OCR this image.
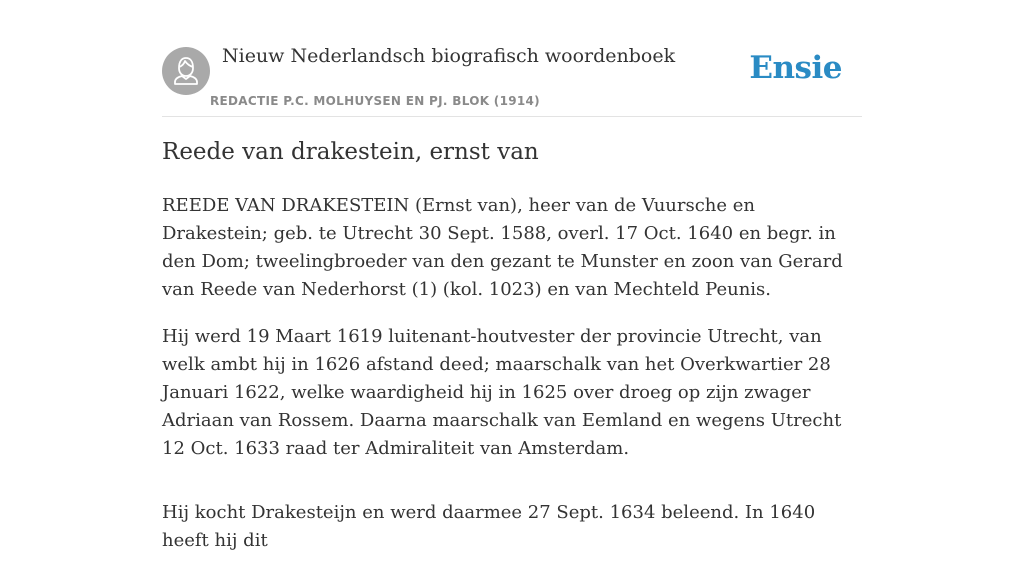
Nieuw Nederlandsch biografisch woordenboek
REDACTIE P.C. MOLHUYSEN EN PJ. BLOK (1914)
Ensie
Reede van drakestein, ernst van

REEDE VAN DRAKESTEIN (Ernst van), heer van de Vuursche en Drakestein; geb. te Utrecht 30 Sept. 1588, overl. 17 Oct. 1640 en begr. in den Dom; tweelingbroeder van den gezant te Munster en zoon van Gerard van Reede van Nederhorst (1) (kol. 1023) en van Mechteld Peunis.

Hij werd 19 Maart 1619 luitenant-houtvester der provincie Utrecht, van welk ambt hij in 1626 afstand deed; maarschalk van het Overkwartier 28 Januari 1622, welke waardigheid hij in 1625 over droeg op zijn zwager Adriaan van Rossem. Daarna maarschalk van Eemland en wegens Utrecht 12 Oct. 1633 raad ter Admiraliteit van Amsterdam.

Hij kocht Drakesteijn en werd daarmee 27 Sept. 1634 beleend. In 1640 heeft hij dit
